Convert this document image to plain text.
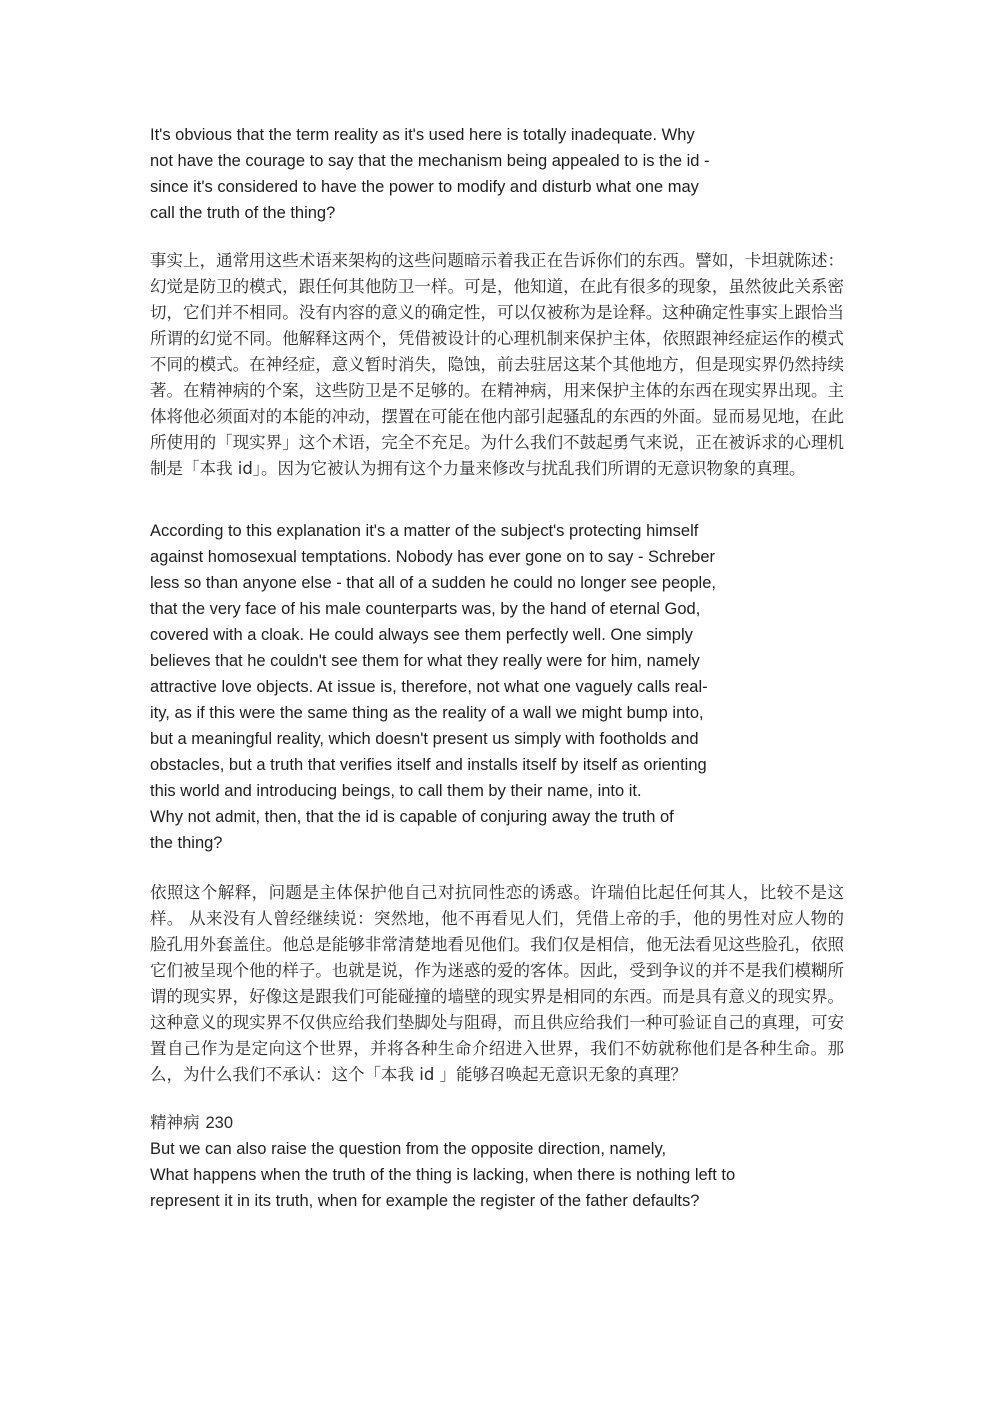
It's obvious that the term reality as it's used here is totally inadequate. Why
not have the courage to say that the mechanism being appealed to is the id -
since it's considered to have the power to modify and disturb what one may
call the truth of the thing?

事实上，通常用这些术语来架构的这些问题暗示着我正在告诉你们的东西。譬如，卡坦就陈述：幻觉是防卫的模式，跟任何其他防卫一样。可是，他知道，在此有很多的现象，虽然彼此关系密切，它们并不相同。没有内容的意义的确定性，可以仅被称为是诠释。这种确定性事实上跟恰当所谓的幻觉不同。他解释这两个，凭借被设计的心理机制来保护主体，依照跟神经症运作的模式不同的模式。在神经症，意义暂时消失，隐蚀，前去驻居这某个其他地方，但是现实界仍然持续著。在精神病的个案，这些防卫是不足够的。在精神病，用来保护主体的东西在现实界出现。主体将他必须面对的本能的冲动，摆置在可能在他内部引起骚乱的东西的外面。显而易见地，在此所使用的「现实界」这个术语，完全不充足。为什么我们不鼓起勇气来说，正在被诉求的心理机制是「本我 id」。因为它被认为拥有这个力量来修改与扰乱我们所谓的无意识物象的真理。

According to this explanation it's a matter of the subject's protecting himself
against homosexual temptations. Nobody has ever gone on to say - Schreber
less so than anyone else - that all of a sudden he could no longer see people,
that the very face of his male counterparts was, by the hand of eternal God,
covered with a cloak. He could always see them perfectly well. One simply
believes that he couldn't see them for what they really were for him, namely
attractive love objects. At issue is, therefore, not what one vaguely calls real-
ity, as if this were the same thing as the reality of a wall we might bump into,
but a meaningful reality, which doesn't present us simply with footholds and
obstacles, but a truth that verifies itself and installs itself by itself as orienting
this world and introducing beings, to call them by their name, into it.
Why not admit, then, that the id is capable of conjuring away the truth of
the thing?

依照这个解释，问题是主体保护他自己对抗同性恋的诱惑。许瑞伯比起任何其人，比较不是这样。 从来没有人曾经继续说：突然地，他不再看见人们，凭借上帝的手，他的男性对应人物的脸孔用外套盖住。他总是能够非常清楚地看见他们。我们仅是相信，他无法看见这些脸孔，依照它们被呈现个他的样子。也就是说，作为迷惑的爱的客体。因此，受到争议的并不是我们模糊所谓的现实界，好像这是跟我们可能碰撞的墙壁的现实界是相同的东西。而是具有意义的现实界。这种意义的现实界不仅供应给我们垫脚处与阻碍，而且供应给我们一种可验证自己的真理，可安置自己作为是定向这个世界，并将各种生命介绍进入世界，我们不妨就称他们是各种生命。那么，为什么我们不承认：这个「本我 id 」能够召唤起无意识无象的真理？

精神病 230

But we can also raise the question from the opposite direction, namely,
What happens when the truth of the thing is lacking, when there is nothing left to
represent it in its truth, when for example the register of the father defaults?
